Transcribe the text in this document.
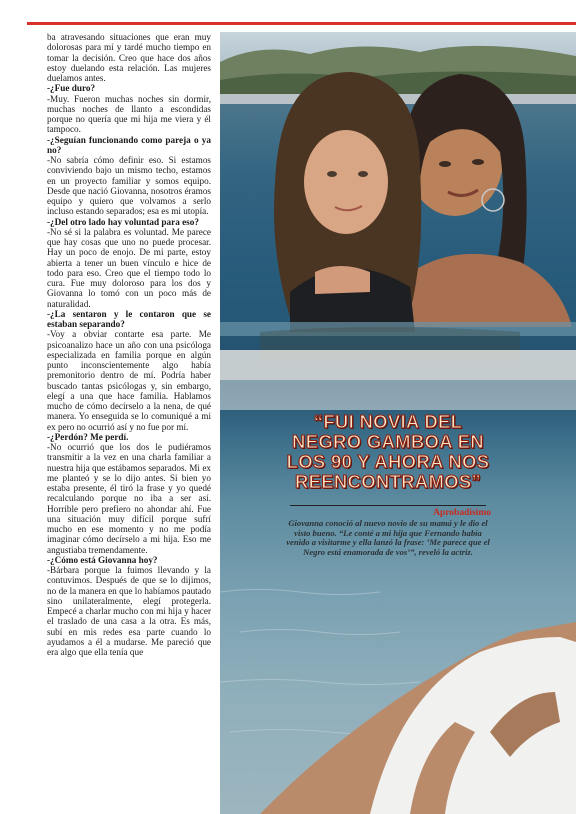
ba atravesando situaciones que eran muy dolorosas para mí y tardé mucho tiempo en tomar la decisión. Creo que hace dos años estoy duelando esta relación. Las mujeres duelamos antes.

-¿Fue duro?

-Muy. Fueron muchas noches sin dormir, muchas noches de llanto a escondidas porque no quería que mi hija me viera y él tampoco.

-¿Seguían funcionando como pareja o ya no?

-No sabría cómo definir eso. Si estamos conviviendo bajo un mismo techo, estamos en un proyecto familiar y somos equipo. Desde que nació Giovanna, nosotros éramos equipo y quiero que volvamos a serlo incluso estando separados; esa es mi utopía.

-¿Del otro lado hay voluntad para eso?

-No sé si la palabra es voluntad. Me parece que hay cosas que uno no puede procesar. Hay un poco de enojo. De mi parte, estoy abierta a tener un buen vínculo e hice de todo para eso. Creo que el tiempo todo lo cura. Fue muy doloroso para los dos y Giovanna lo tomó con un poco más de naturalidad.

-¿La sentaron y le contaron que se estaban separando?

-Voy a obviar contarte esa parte. Me psicoanalizo hace un año con una psicóloga especializada en familia porque en algún punto inconscientemente algo había premonitorio dentro de mí. Podría haber buscado tantas psicólogas y, sin embargo, elegí a una que hace familia. Hablamos mucho de cómo decírselo a la nena, de qué manera. Yo enseguida se lo comuniqué a mi ex pero no ocurrió así y no fue por mí.

-¿Perdón? Me perdí.

-No ocurrió que los dos le pudiéramos transmitir a la vez en una charla familiar a nuestra hija que estábamos separados. Mi ex me planteó y se lo dijo antes. Si bien yo estaba presente, él tiró la frase y yo quedé recalculando porque no iba a ser así. Horrible pero prefiero no ahondar ahí. Fue una situación muy difícil porque sufrí mucho en ese momento y no me podía imaginar cómo decírselo a mi hija. Eso me angustiaba tremendamente.

-¿Cómo está Giovanna hoy?

-Bárbara porque la fuimos llevando y la contuvimos. Después de que se lo dijimos, no de la manera en que lo habíamos pautado sino unilateralmente, elegí protegerla. Empecé a charlar mucho con mi hija y hacer el traslado de una casa a la otra. Es más, subí en mis redes esa parte cuando lo ayudamos a él a mudarse. Me pareció que era algo que ella tenía que

“FUI NOVIA DEL
NEGRO GAMBOA EN
LOS 90 Y AHORA NOS
REENCONTRAMOS”
Aprobadísimo
Giovanna conoció al nuevo novio de su mamá y le dio el visto bueno. “Le conté a mi hija que Fernando había venido a visitarme y ella lanzó la frase: ’Me parece que el Negro está enamorada de vos’”, reveló la actriz.
